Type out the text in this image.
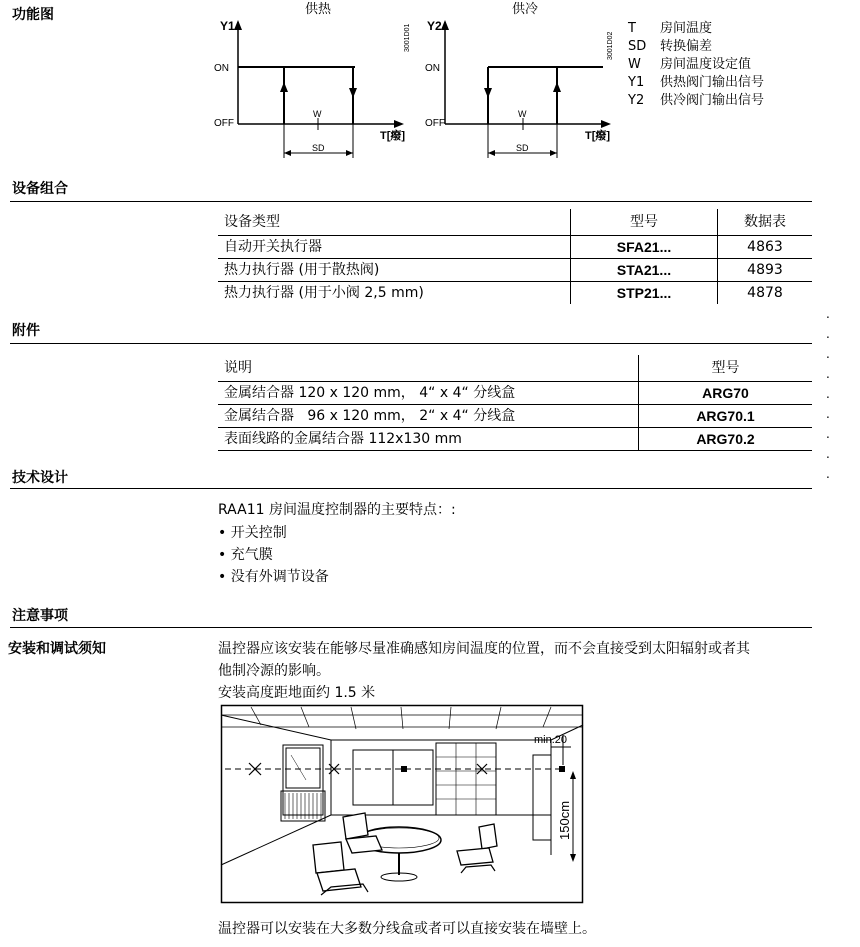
功能图	供热
Y1
ON
OFF
W
SD
T[癈]
3001D01
供冷
Y2
ON
OFF
W
SD
T[癈]
3001D02
T 房间温度
SD 转换偏差
W 房间温度设定值
Y1 供热阀门输出信号
Y2 供冷阀门输出信号
设备组合
设备类型	型号	数据表
自动开关执行器	SFA21...	4863
热力执行器 (用于散热阀)	STA21...	4893
热力执行器 (用于小阀 2,5 mm)	STP21...	4878
附件
说明	型号
金属结合器 120 x 120 mm， 4“ x 4“ 分线盒	ARG70
金属结合器   96 x 120 mm， 2“ x 4“ 分线盒	ARG70.1
表面线路的金属结合器 112x130 mm	ARG70.2
.
.
.
.
.
.
.
.
.
技术设计
RAA11 房间温度控制器的主要特点：:
• 开关控制
• 充气膜
• 没有外调节设备
注意事项
安装和调试须知	温控器应该安装在能够尽量准确感知房间温度的位置，而不会直接受到太阳辐射或者其
他制冷源的影响。
安装高度距地面约 1.5 米
min.20
150cm
温控器可以安装在大多数分线盒或者可以直接安装在墙壁上。
